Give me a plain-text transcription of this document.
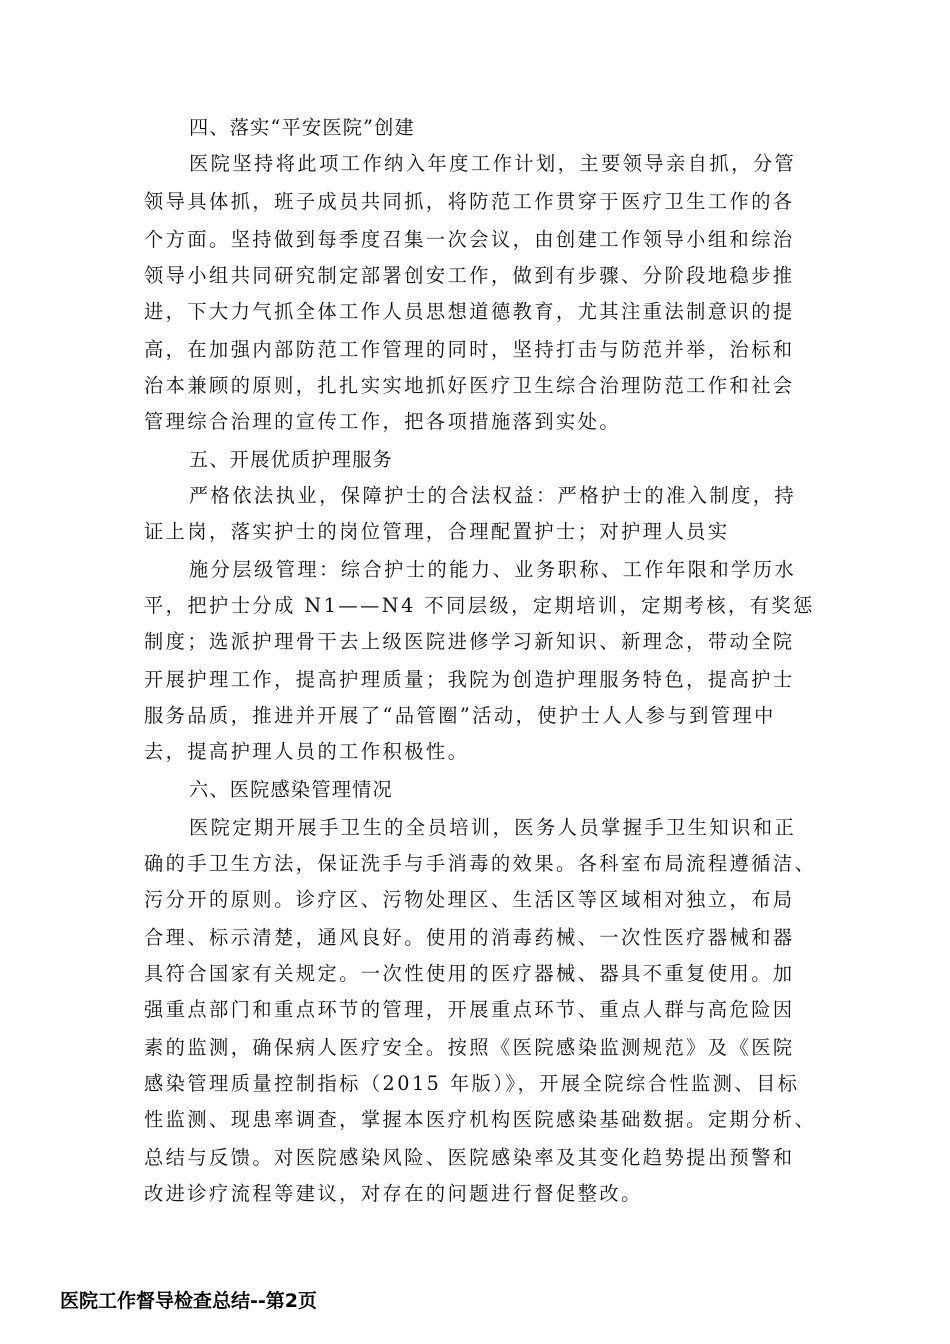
四、落实“平安医院”创建
医院坚持将此项工作纳入年度工作计划，主要领导亲自抓，分管
领导具体抓，班子成员共同抓，将防范工作贯穿于医疗卫生工作的各
个方面。坚持做到每季度召集一次会议，由创建工作领导小组和综治
领导小组共同研究制定部署创安工作，做到有步骤、分阶段地稳步推
进，下大力气抓全体工作人员思想道德教育，尤其注重法制意识的提
高，在加强内部防范工作管理的同时，坚持打击与防范并举，治标和
治本兼顾的原则，扎扎实实地抓好医疗卫生综合治理防范工作和社会
管理综合治理的宣传工作，把各项措施落到实处。
五、开展优质护理服务
严格依法执业，保障护士的合法权益：严格护士的准入制度，持
证上岗，落实护士的岗位管理，合理配置护士；对护理人员实
施分层级管理：综合护士的能力、业务职称、工作年限和学历水
平，把护士分成 N1——N4 不同层级，定期培训，定期考核，有奖惩
制度；选派护理骨干去上级医院进修学习新知识、新理念，带动全院
开展护理工作，提高护理质量；我院为创造护理服务特色，提高护士
服务品质，推进并开展了“品管圈”活动，使护士人人参与到管理中
去，提高护理人员的工作积极性。
六、医院感染管理情况
医院定期开展手卫生的全员培训，医务人员掌握手卫生知识和正
确的手卫生方法，保证洗手与手消毒的效果。各科室布局流程遵循洁、
污分开的原则。诊疗区、污物处理区、生活区等区域相对独立，布局
合理、标示清楚，通风良好。使用的消毒药械、一次性医疗器械和器
具符合国家有关规定。一次性使用的医疗器械、器具不重复使用。加
强重点部门和重点环节的管理，开展重点环节、重点人群与高危险因
素的监测，确保病人医疗安全。按照《医院感染监测规范》及《医院
感染管理质量控制指标（2015 年版）》，开展全院综合性监测、目标
性监测、现患率调查，掌握本医疗机构医院感染基础数据。定期分析、
总结与反馈。对医院感染风险、医院感染率及其变化趋势提出预警和
改进诊疗流程等建议，对存在的问题进行督促整改。
医院工作督导检查总结--第2页
